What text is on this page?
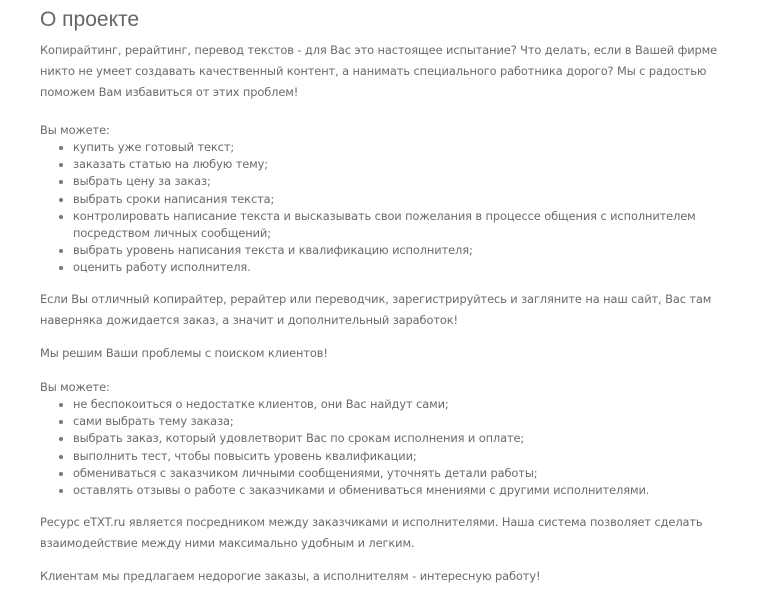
О проекте
Копирайтинг, рерайтинг, перевод текстов - для Вас это настоящее испытание? Что делать, если в Вашей фирме
никто не умеет создавать качественный контент, а нанимать специального работника дорого? Мы с радостью
поможем Вам избавиться от этих проблем!
Вы можете:
купить уже готовый текст;
заказать статью на любую тему;
выбрать цену за заказ;
выбрать сроки написания текста;
контролировать написание текста и высказывать свои пожелания в процессе общения с исполнителем
посредством личных сообщений;
выбрать уровень написания текста и квалификацию исполнителя;
оценить работу исполнителя.
Если Вы отличный копирайтер, рерайтер или переводчик, зарегистрируйтесь и загляните на наш сайт, Вас там
наверняка дожидается заказ, а значит и дополнительный заработок!
Мы решим Ваши проблемы с поиском клиентов!
Вы можете:
не беспокоиться о недостатке клиентов, они Вас найдут сами;
сами выбрать тему заказа;
выбрать заказ, который удовлетворит Вас по срокам исполнения и оплате;
выполнить тест, чтобы повысить уровень квалификации;
обмениваться с заказчиком личными сообщениями, уточнять детали работы;
оставлять отзывы о работе с заказчиками и обмениваться мнениями с другими исполнителями.
Ресурс eTXT.ru является посредником между заказчиками и исполнителями. Наша система позволяет сделать
взаимодействие между ними максимально удобным и легким.
Клиентам мы предлагаем недорогие заказы, а исполнителям - интересную работу!
